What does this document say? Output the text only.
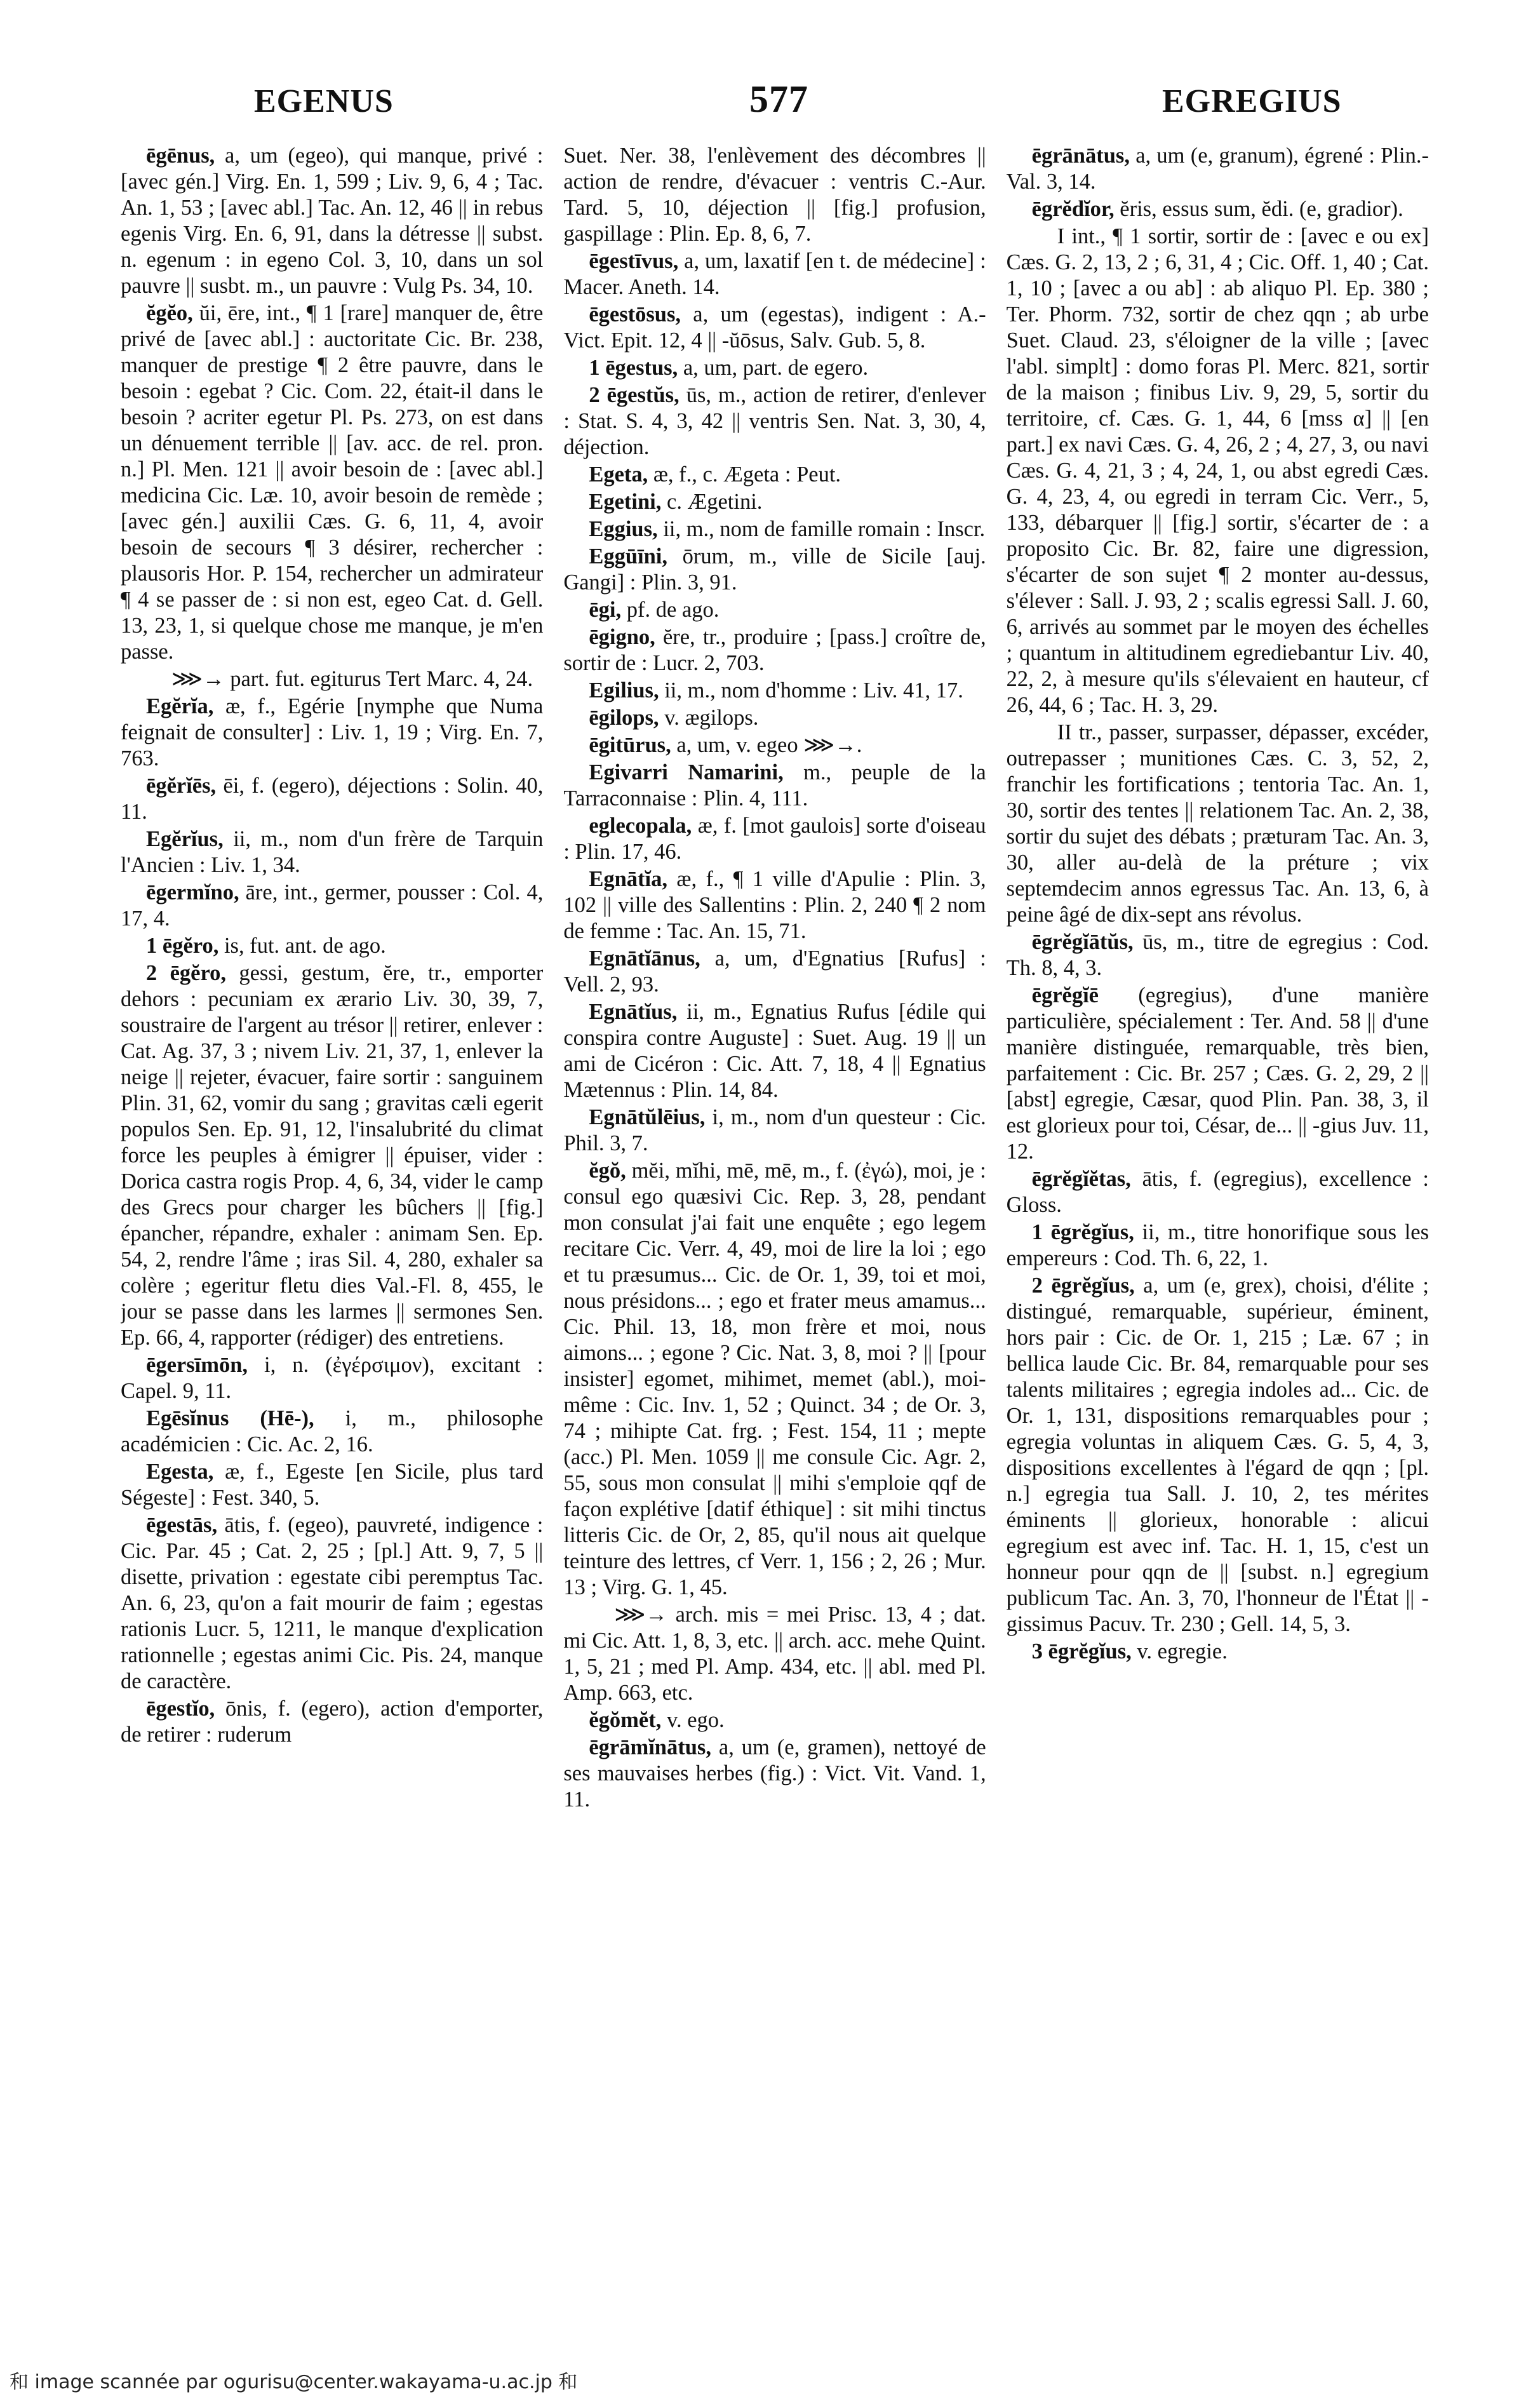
EGENUS	577	EGREGIUS

ēgēnus, a, um (egeo), qui manque, privé : [avec gén.] Virg. En. 1, 599 ; Liv. 9, 6, 4 ; Tac. An. 1, 53 ; [avec abl.] Tac. An. 12, 46 || in rebus egenis Virg. En. 6, 91, dans la détresse || subst. n. egenum : in egeno Col. 3, 10, dans un sol pauvre || susbt. m., un pauvre : Vulg Ps. 34, 10.

ĕgĕo, ŭi, ēre, int., ¶ 1 [rare] manquer de, être privé de [avec abl.] : auctoritate Cic. Br. 238, manquer de prestige ¶ 2 être pauvre, dans le besoin : egebat ? Cic. Com. 22, était-il dans le besoin ? acriter egetur Pl. Ps. 273, on est dans un dénuement terrible || [av. acc. de rel. pron. n.] Pl. Men. 121 || avoir besoin de : [avec abl.] medicina Cic. Læ. 10, avoir besoin de remède ; [avec gén.] auxilii Cæs. G. 6, 11, 4, avoir besoin de secours ¶ 3 désirer, rechercher : plausoris Hor. P. 154, rechercher un admirateur ¶ 4 se passer de : si non est, egeo Cat. d. Gell. 13, 23, 1, si quelque chose me manque, je m'en passe.

⋙→ part. fut. egiturus Tert Marc. 4, 24.

Egĕrĭa, æ, f., Egérie [nymphe que Numa feignait de consulter] : Liv. 1, 19 ; Virg. En. 7, 763.

ēgĕrĭēs, ēi, f. (egero), déjections : Solin. 40, 11.

Egĕrĭus, ii, m., nom d'un frère de Tarquin l'Ancien : Liv. 1, 34.

ēgermĭno, āre, int., germer, pousser : Col. 4, 17, 4.

1 ēgĕro, is, fut. ant. de ago.

2 ēgĕro, gessi, gestum, ĕre, tr., emporter dehors : pecuniam ex ærario Liv. 30, 39, 7, soustraire de l'argent au trésor || retirer, enlever : Cat. Ag. 37, 3 ; nivem Liv. 21, 37, 1, enlever la neige || rejeter, évacuer, faire sortir : sanguinem Plin. 31, 62, vomir du sang ; gravitas cæli egerit populos Sen. Ep. 91, 12, l'insalubrité du climat force les peuples à émigrer || épuiser, vider : Dorica castra rogis Prop. 4, 6, 34, vider le camp des Grecs pour charger les bûchers || [fig.] épancher, répandre, exhaler : animam Sen. Ep. 54, 2, rendre l'âme ; iras Sil. 4, 280, exhaler sa colère ; egeritur fletu dies Val.-Fl. 8, 455, le jour se passe dans les larmes || sermones Sen. Ep. 66, 4, rapporter (rédiger) des entretiens.

ēgersīmōn, i, n. (ἐγέρσιμον), excitant : Capel. 9, 11.

Egēsĭnus (Hē-), i, m., philosophe académicien : Cic. Ac. 2, 16.

Egesta, æ, f., Egeste [en Sicile, plus tard Ségeste] : Fest. 340, 5.

ēgestās, ātis, f. (egeo), pauvreté, indigence : Cic. Par. 45 ; Cat. 2, 25 ; [pl.] Att. 9, 7, 5 || disette, privation : egestate cibi peremptus Tac. An. 6, 23, qu'on a fait mourir de faim ; egestas rationis Lucr. 5, 1211, le manque d'explication rationnelle ; egestas animi Cic. Pis. 24, manque de caractère.

ēgestĭo, ōnis, f. (egero), action d'emporter, de retirer : ruderum

Suet. Ner. 38, l'enlèvement des décombres || action de rendre, d'évacuer : ventris C.-Aur. Tard. 5, 10, déjection || [fig.] profusion, gaspillage : Plin. Ep. 8, 6, 7.

ēgestīvus, a, um, laxatif [en t. de médecine] : Macer. Aneth. 14.

ēgestōsus, a, um (egestas), indigent : A.-Vict. Epit. 12, 4 || -ŭōsus, Salv. Gub. 5, 8.

1 ēgestus, a, um, part. de egero.

2 ēgestŭs, ūs, m., action de retirer, d'enlever : Stat. S. 4, 3, 42 || ventris Sen. Nat. 3, 30, 4, déjection.

Egeta, æ, f., c. Ægeta : Peut.

Egetini, c. Ægetini.

Eggius, ii, m., nom de famille romain : Inscr.

Eggūīni, ōrum, m., ville de Sicile [auj. Gangi] : Plin. 3, 91.

ēgi, pf. de ago.

ēgigno, ĕre, tr., produire ; [pass.] croître de, sortir de : Lucr. 2, 703.

Egilius, ii, m., nom d'homme : Liv. 41, 17.

ēgilops, v. ægilops.

ēgitūrus, a, um, v. egeo ⋙→.

Egivarri Namarini, m., peuple de la Tarraconnaise : Plin. 4, 111.

eglecopala, æ, f. [mot gaulois] sorte d'oiseau : Plin. 17, 46.

Egnātĭa, æ, f., ¶ 1 ville d'Apulie : Plin. 3, 102 || ville des Sallentins : Plin. 2, 240 ¶ 2 nom de femme : Tac. An. 15, 71.

Egnātĭānus, a, um, d'Egnatius [Rufus] : Vell. 2, 93.

Egnātĭus, ii, m., Egnatius Rufus [édile qui conspira contre Auguste] : Suet. Aug. 19 || un ami de Cicéron : Cic. Att. 7, 18, 4 || Egnatius Mætennus : Plin. 14, 84.

Egnātŭlēius, i, m., nom d'un questeur : Cic. Phil. 3, 7.

ĕgŏ, mĕi, mĭhi, mē, mē, m., f. (ἐγώ), moi, je : consul ego quæsivi Cic. Rep. 3, 28, pendant mon consulat j'ai fait une enquête ; ego legem recitare Cic. Verr. 4, 49, moi de lire la loi ; ego et tu præsumus... Cic. de Or. 1, 39, toi et moi, nous présidons... ; ego et frater meus amamus... Cic. Phil. 13, 18, mon frère et moi, nous aimons... ; egone ? Cic. Nat. 3, 8, moi ? || [pour insister] egomet, mihimet, memet (abl.), moi-même : Cic. Inv. 1, 52 ; Quinct. 34 ; de Or. 3, 74 ; mihipte Cat. frg. ; Fest. 154, 11 ; mepte (acc.) Pl. Men. 1059 || me consule Cic. Agr. 2, 55, sous mon consulat || mihi s'emploie qqf de façon explétive [datif éthique] : sit mihi tinctus litteris Cic. de Or, 2, 85, qu'il nous ait quelque teinture des lettres, cf Verr. 1, 156 ; 2, 26 ; Mur. 13 ; Virg. G. 1, 45.

⋙→ arch. mis = mei Prisc. 13, 4 ; dat. mi Cic. Att. 1, 8, 3, etc. || arch. acc. mehe Quint. 1, 5, 21 ; med Pl. Amp. 434, etc. || abl. med Pl. Amp. 663, etc.

ĕgŏmĕt, v. ego.

ēgrāmĭnātus, a, um (e, gramen), nettoyé de ses mauvaises herbes (fig.) : Vict. Vit. Vand. 1, 11.

ēgrānātus, a, um (e, granum), égrené : Plin.-Val. 3, 14.

ēgrĕdĭor, ĕris, essus sum, ĕdi. (e, gradior).

I int., ¶ 1 sortir, sortir de : [avec e ou ex] Cæs. G. 2, 13, 2 ; 6, 31, 4 ; Cic. Off. 1, 40 ; Cat. 1, 10 ; [avec a ou ab] : ab aliquo Pl. Ep. 380 ; Ter. Phorm. 732, sortir de chez qqn ; ab urbe Suet. Claud. 23, s'éloigner de la ville ; [avec l'abl. simplt] : domo foras Pl. Merc. 821, sortir de la maison ; finibus Liv. 9, 29, 5, sortir du territoire, cf. Cæs. G. 1, 44, 6 [mss α] || [en part.] ex navi Cæs. G. 4, 26, 2 ; 4, 27, 3, ou navi Cæs. G. 4, 21, 3 ; 4, 24, 1, ou abst egredi Cæs. G. 4, 23, 4, ou egredi in terram Cic. Verr., 5, 133, débarquer || [fig.] sortir, s'écarter de : a proposito Cic. Br. 82, faire une digression, s'écarter de son sujet ¶ 2 monter au-dessus, s'élever : Sall. J. 93, 2 ; scalis egressi Sall. J. 60, 6, arrivés au sommet par le moyen des échelles ; quantum in altitudinem egrediebantur Liv. 40, 22, 2, à mesure qu'ils s'élevaient en hauteur, cf 26, 44, 6 ; Tac. H. 3, 29.

II tr., passer, surpasser, dépasser, excéder, outrepasser ; munitiones Cæs. C. 3, 52, 2, franchir les fortifications ; tentoria Tac. An. 1, 30, sortir des tentes || relationem Tac. An. 2, 38, sortir du sujet des débats ; præturam Tac. An. 3, 30, aller au-delà de la préture ; vix septemdecim annos egressus Tac. An. 13, 6, à peine âgé de dix-sept ans révolus.

ēgrĕgĭātŭs, ūs, m., titre de egregius : Cod. Th. 8, 4, 3.

ēgrĕgĭē (egregius), d'une manière particulière, spécialement : Ter. And. 58 || d'une manière distinguée, remarquable, très bien, parfaitement : Cic. Br. 257 ; Cæs. G. 2, 29, 2 || [abst] egregie, Cæsar, quod Plin. Pan. 38, 3, il est glorieux pour toi, César, de... || -gius Juv. 11, 12.

ēgrĕgĭĕtas, ātis, f. (egregius), excellence : Gloss.

1 ēgrĕgĭus, ii, m., titre honorifique sous les empereurs : Cod. Th. 6, 22, 1.

2 ēgrĕgĭus, a, um (e, grex), choisi, d'élite ; distingué, remarquable, supérieur, éminent, hors pair : Cic. de Or. 1, 215 ; Læ. 67 ; in bellica laude Cic. Br. 84, remarquable pour ses talents militaires ; egregia indoles ad... Cic. de Or. 1, 131, dispositions remarquables pour ; egregia voluntas in aliquem Cæs. G. 5, 4, 3, dispositions excellentes à l'égard de qqn ; [pl. n.] egregia tua Sall. J. 10, 2, tes mérites éminents || glorieux, honorable : alicui egregium est avec inf. Tac. H. 1, 15, c'est un honneur pour qqn de || [subst. n.] egregium publicum Tac. An. 3, 70, l'honneur de l'État || -gissimus Pacuv. Tr. 230 ; Gell. 14, 5, 3.

3 ēgrĕgĭus, v. egregie.

和 image scannée par ogurisu@center.wakayama-u.ac.jp 和
